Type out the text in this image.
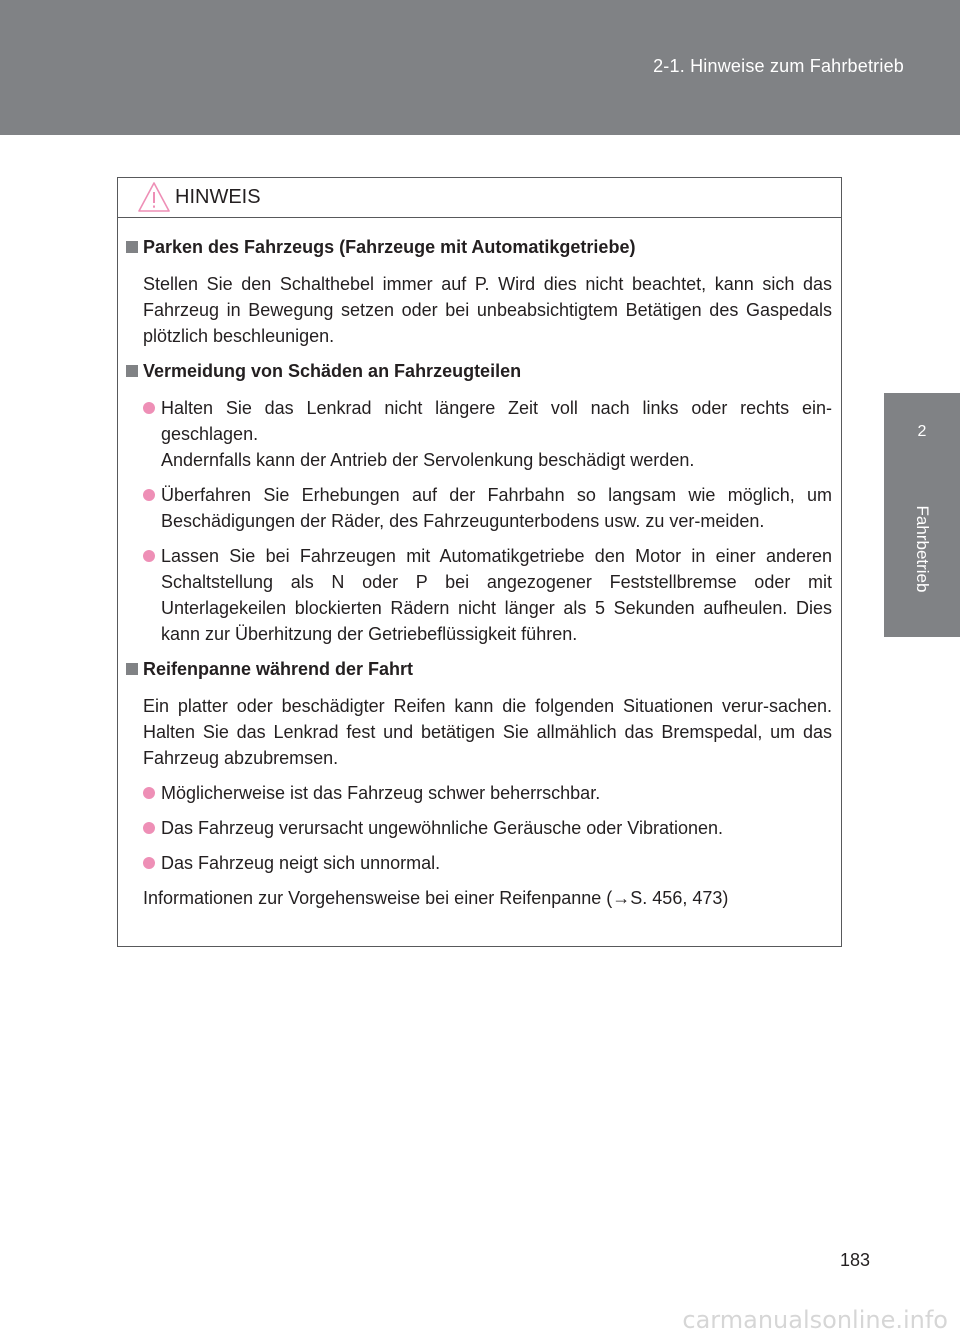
2-1. Hinweise zum Fahrbetrieb
2
Fahrbetrieb
HINWEIS
Parken des Fahrzeugs (Fahrzeuge mit Automatikgetriebe)
Stellen Sie den Schalthebel immer auf P. Wird dies nicht beachtet, kann sich das Fahrzeug in Bewegung setzen oder bei unbeabsichtigtem Betätigen des Gaspedals plötzlich beschleunigen.
Vermeidung von Schäden an Fahrzeugteilen
Halten Sie das Lenkrad nicht längere Zeit voll nach links oder rechts ein-geschlagen.
Andernfalls kann der Antrieb der Servolenkung beschädigt werden.
Überfahren Sie Erhebungen auf der Fahrbahn so langsam wie möglich, um Beschädigungen der Räder, des Fahrzeugunterbodens usw. zu ver-meiden.
Lassen Sie bei Fahrzeugen mit Automatikgetriebe den Motor in einer anderen Schaltstellung als N oder P bei angezogener Feststellbremse oder mit Unterlagekeilen blockierten Rädern nicht länger als 5 Sekunden aufheulen. Dies kann zur Überhitzung der Getriebeflüssigkeit führen.
Reifenpanne während der Fahrt
Ein platter oder beschädigter Reifen kann die folgenden Situationen verur-sachen. Halten Sie das Lenkrad fest und betätigen Sie allmählich das Bremspedal, um das Fahrzeug abzubremsen.
Möglicherweise ist das Fahrzeug schwer beherrschbar.
Das Fahrzeug verursacht ungewöhnliche Geräusche oder Vibrationen.
Das Fahrzeug neigt sich unnormal.
Informationen zur Vorgehensweise bei einer Reifenpanne (→S. 456, 473)
183
carmanualsonline.info
